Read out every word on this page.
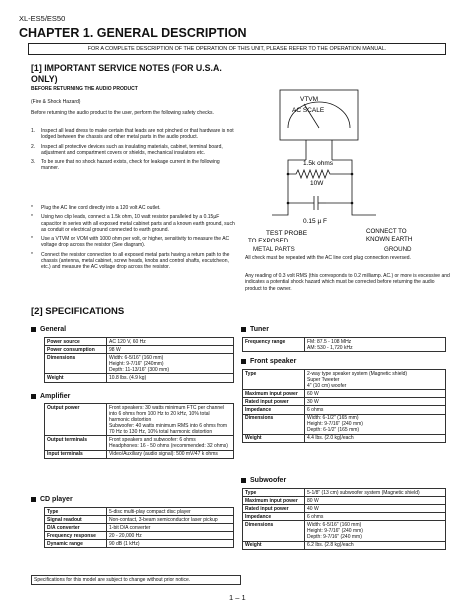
XL-ES5/ES50
CHAPTER 1. GENERAL DESCRIPTION
FOR A COMPLETE DESCRIPTION OF THE OPERATION OF THIS UNIT, PLEASE REFER TO THE OPERATION MANUAL.
[1] IMPORTANT SERVICE NOTES (FOR U.S.A. ONLY)
BEFORE RETURNING THE AUDIO PRODUCT
(Fire & Shock Hazard)
Before returning the audio product to the user, perform the following safety checks.
1.	Inspect all lead dress to make certain that leads are not pinched or that hardware is not lodged between the chassis and other metal parts in the audio product.
2.	Inspect all protective devices such as insulating materials, cabinet, terminal board, adjustment and compartment covers or shields, mechanical insulators etc.
3.	To be sure that no shock hazard exists, check for leakage current in the following manner.
*	Plug the AC line cord directly into a 120 volt AC outlet.
*	Using two clip leads, connect a 1.5k ohm, 10 watt resistor paralleled by a 0.15µF capacitor in series with all exposed metal cabinet parts and a known earth ground, such as conduit or electrical ground connected to earth ground.
*	Use a VTVM or VOM with 1000 ohm per volt, or higher, sensitivity to measure the AC voltage drop across the resistor (See diagram).
*	Connect the resistor connection to all exposed metal parts having a return path to the chassis (antenna, metal cabinet, screw heads, knobs and control shafts, escutcheon, etc.) and measure the AC voltage drop across the resistor.
All check must be repeated with the AC line cord plug connection reversed.
Any reading of 0.3 volt RMS (this corresponds to 0.2 milliamp. AC.) or more is excessive and indicates a potential shock hazard which must be corrected before returning the audio product to the owner.
VTVM
AC SCALE
1.5k ohms
10W
0.15 µ F
TEST PROBE
TO EXPOSED
CONNECT TO
KNOWN EARTH
METAL PARTS	GROUND
[2] SPECIFICATIONS
General
Power source	AC 120 V, 60 Hz
Power consumption	98 W
Dimensions	Width: 6-5/16" (160 mm)
Height: 9-7/16" (240mm)
Depth: 11-13/16" (300 mm)
Weight	10.8 lbs. (4.9 kg)
Amplifier
Output power	Front speakers: 30 watts minimum FTC per channel into 6 ohms from 100 Hz to 20 kHz, 10% total harmonic distortion
Subwoofer: 40 watts minimum RMS into 6 ohms from 70 Hz to 130 Hz, 10% total harmonic distortion
Output terminals	Front speakers and subwoofer: 6 ohms
Headphones: 16 - 50 ohms (recommended: 32 ohms)
Input terminals	Video/Auxiliary (audio signal): 500 mV/47 k ohms
CD player
Type	5-disc multi-play compact disc player
Signal readout	Non-contact, 3-beam semiconductor laser pickup
D/A converter	1-bit D/A converter
Frequency response	20 - 20,000 Hz
Dynamic range	90 dB (1 kHz)
Tuner
Frequency range	FM: 87.5 - 108 MHz
AM: 530 - 1,720 kHz
Front speaker
Type	2-way type speaker system (Magnetic shield)
Super Tweeter
4" (10 cm) woofer
Maximum input power	60 W
Rated input power	30 W
Impedance	6 ohms
Dimensions	Width: 6-1/2" (165 mm)
Height: 9-7/16" (240 mm)
Depth: 6-1/2" (165 mm)
Weight	4.4 lbs. (2.0 kg)/each
Subwoofer
Type	5-1/8" (13 cm) subwoofer system (Magnetic shield)
Maximum input power	80 W
Rated input power	40 W
Impedance	6 ohms
Dimensions	Width: 6-5/16" (160 mm)
Height: 9-7/16" (240 mm)
Depth: 9-7/16" (240 mm)
Weight	6.2 lbs. (2.8 kg)/each
Specifications for this model are subject to change without prior notice.
1 – 1
